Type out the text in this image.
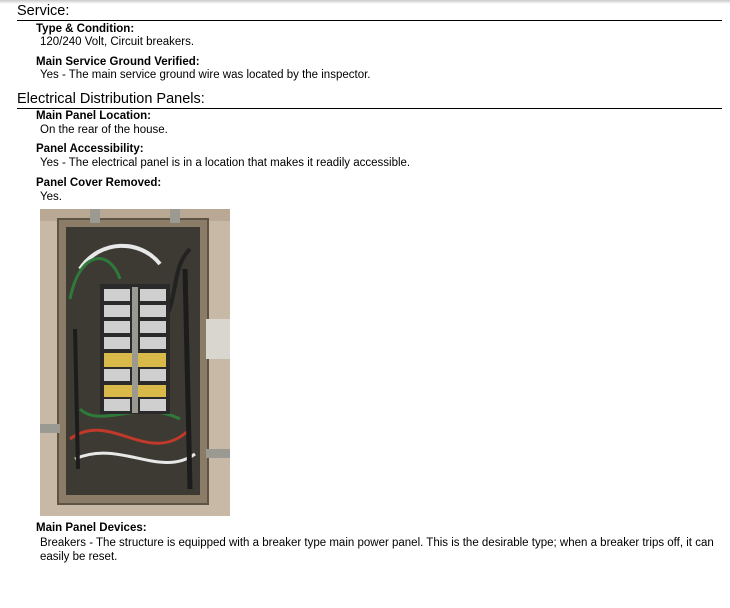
Service:
Type & Condition:
120/240 Volt, Circuit breakers.
Main Service Ground Verified:
Yes - The main service ground wire was located by the inspector.
Electrical Distribution Panels:
Main Panel Location:
On the rear of the house.
Panel Accessibility:
Yes - The electrical panel is in a location that makes it readily accessible.
Panel Cover Removed:
Yes.
Main Panel Devices:
Breakers - The structure is equipped with a breaker type main power panel. This is the desirable type; when a breaker trips off, it can easily be reset.
